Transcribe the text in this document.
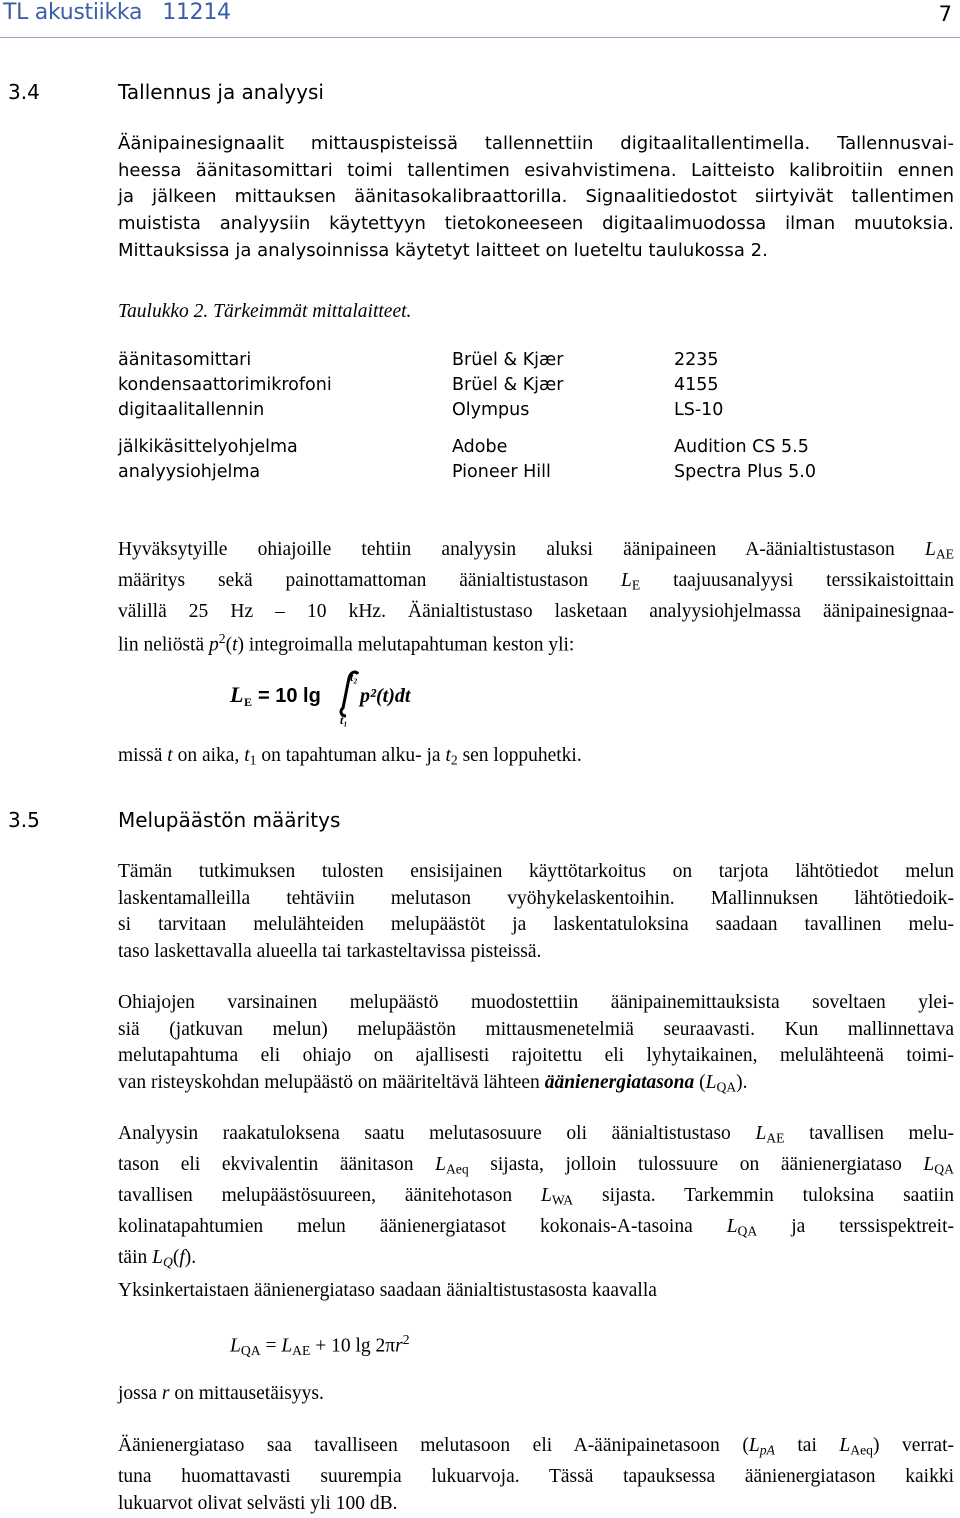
TL akustiikka   11214	7
3.4	Tallennus ja analyysi
Äänipainesignaalit mittauspisteissä tallennettiin digitaalitallentimella. Tallennusvai-
heessa äänitasomittari toimi tallentimen esivahvistimena. Laitteisto kalibroitiin ennen
ja jälkeen mittauksen äänitasokalibraattorilla. Signaalitiedostot siirtyivät tallentimen
muistista analyysiin käytettyyn tietokoneeseen digitaalimuodossa ilman muutoksia.
Mittauksissa ja analysoinnissa käytetyt laitteet on lueteltu taulukossa 2.
Taulukko 2. Tärkeimmät mittalaitteet.
äänitasomittari	Brüel & Kjær	2235
kondensaattorimikrofoni	Brüel & Kjær	4155
digitaalitallennin	Olympus	LS-10
jälkikäsittelyohjelma	Adobe	Audition CS 5.5
analyysiohjelma	Pioneer Hill	Spectra Plus 5.0
Hyväksytyille ohiajoille tehtiin analyysin aluksi äänipaineen A-äänialtistustason $L_{AE}$
määritys sekä painottamattoman äänialtistustason $L_E$ taajuusanalyysi terssikaistoittain
välillä 25 Hz – 10 kHz. Äänialtistustaso lasketaan analyysiohjelmassa äänipainesignaa-
lin neliöstä $p^2(t)$ integroimalla melutapahtuman keston yli:
L E = 10 lg
t₂
t₁
p²(t)dt
missä t on aika, $t_1$ on tapahtuman alku- ja $t_2$ sen loppuhetki.
3.5	Melupäästön määritys
Tämän tutkimuksen tulosten ensisijainen käyttötarkoitus on tarjota lähtötiedot melun
laskentamalleilla tehtäviin melutason vyöhykelaskentoihin. Mallinnuksen lähtötiedoik-
si tarvitaan melulähteiden melupäästöt ja laskentatuloksina saadaan tavallinen melu-
taso laskettavalla alueella tai tarkasteltavissa pisteissä.
Ohiajojen varsinainen melupäästö muodostettiin äänipainemittauksista soveltaen ylei-
siä (jatkuvan melun) melupäästön mittausmenetelmiä seuraavasti. Kun mallinnettava
melutapahtuma eli ohiajo on ajallisesti rajoitettu eli lyhytaikainen, melulähteenä toimi-
van risteyskohdan melupäästö on määriteltävä lähteen äänienergiatasona $(L_{QA})$.
Analyysin raakatuloksena saatu melutasosuure oli äänialtistustaso $L_{AE}$ tavallisen melu-
tason eli ekvivalentin äänitason $L_{Aeq}$ sijasta, jolloin tulossuure on äänienergiataso $L_{QA}$
tavallisen melupäästösuureen, äänitehotason $L_{WA}$ sijasta. Tarkemmin tuloksina saatiin
kolinatapahtumien melun äänienergiatasot kokonais-A-tasoina $L_{QA}$ ja terssispektreit-
täin $L_Q(f)$.
Yksinkertaistaen äänienergiataso saadaan äänialtistustasosta kaavalla
$L_{QA} = L_{AE} + 10$ $\lg 2\pi r^2$
jossa r on mittausetäisyys.
Äänienergiataso saa tavalliseen melutasoon eli A-äänipainetasoon ($L_{pA}$ tai $L_{Aeq}$) verrat-
tuna huomattavasti suurempia lukuarvoja. Tässä tapauksessa äänienergiatason kaikki
lukuarvot olivat selvästi yli 100 dB.
